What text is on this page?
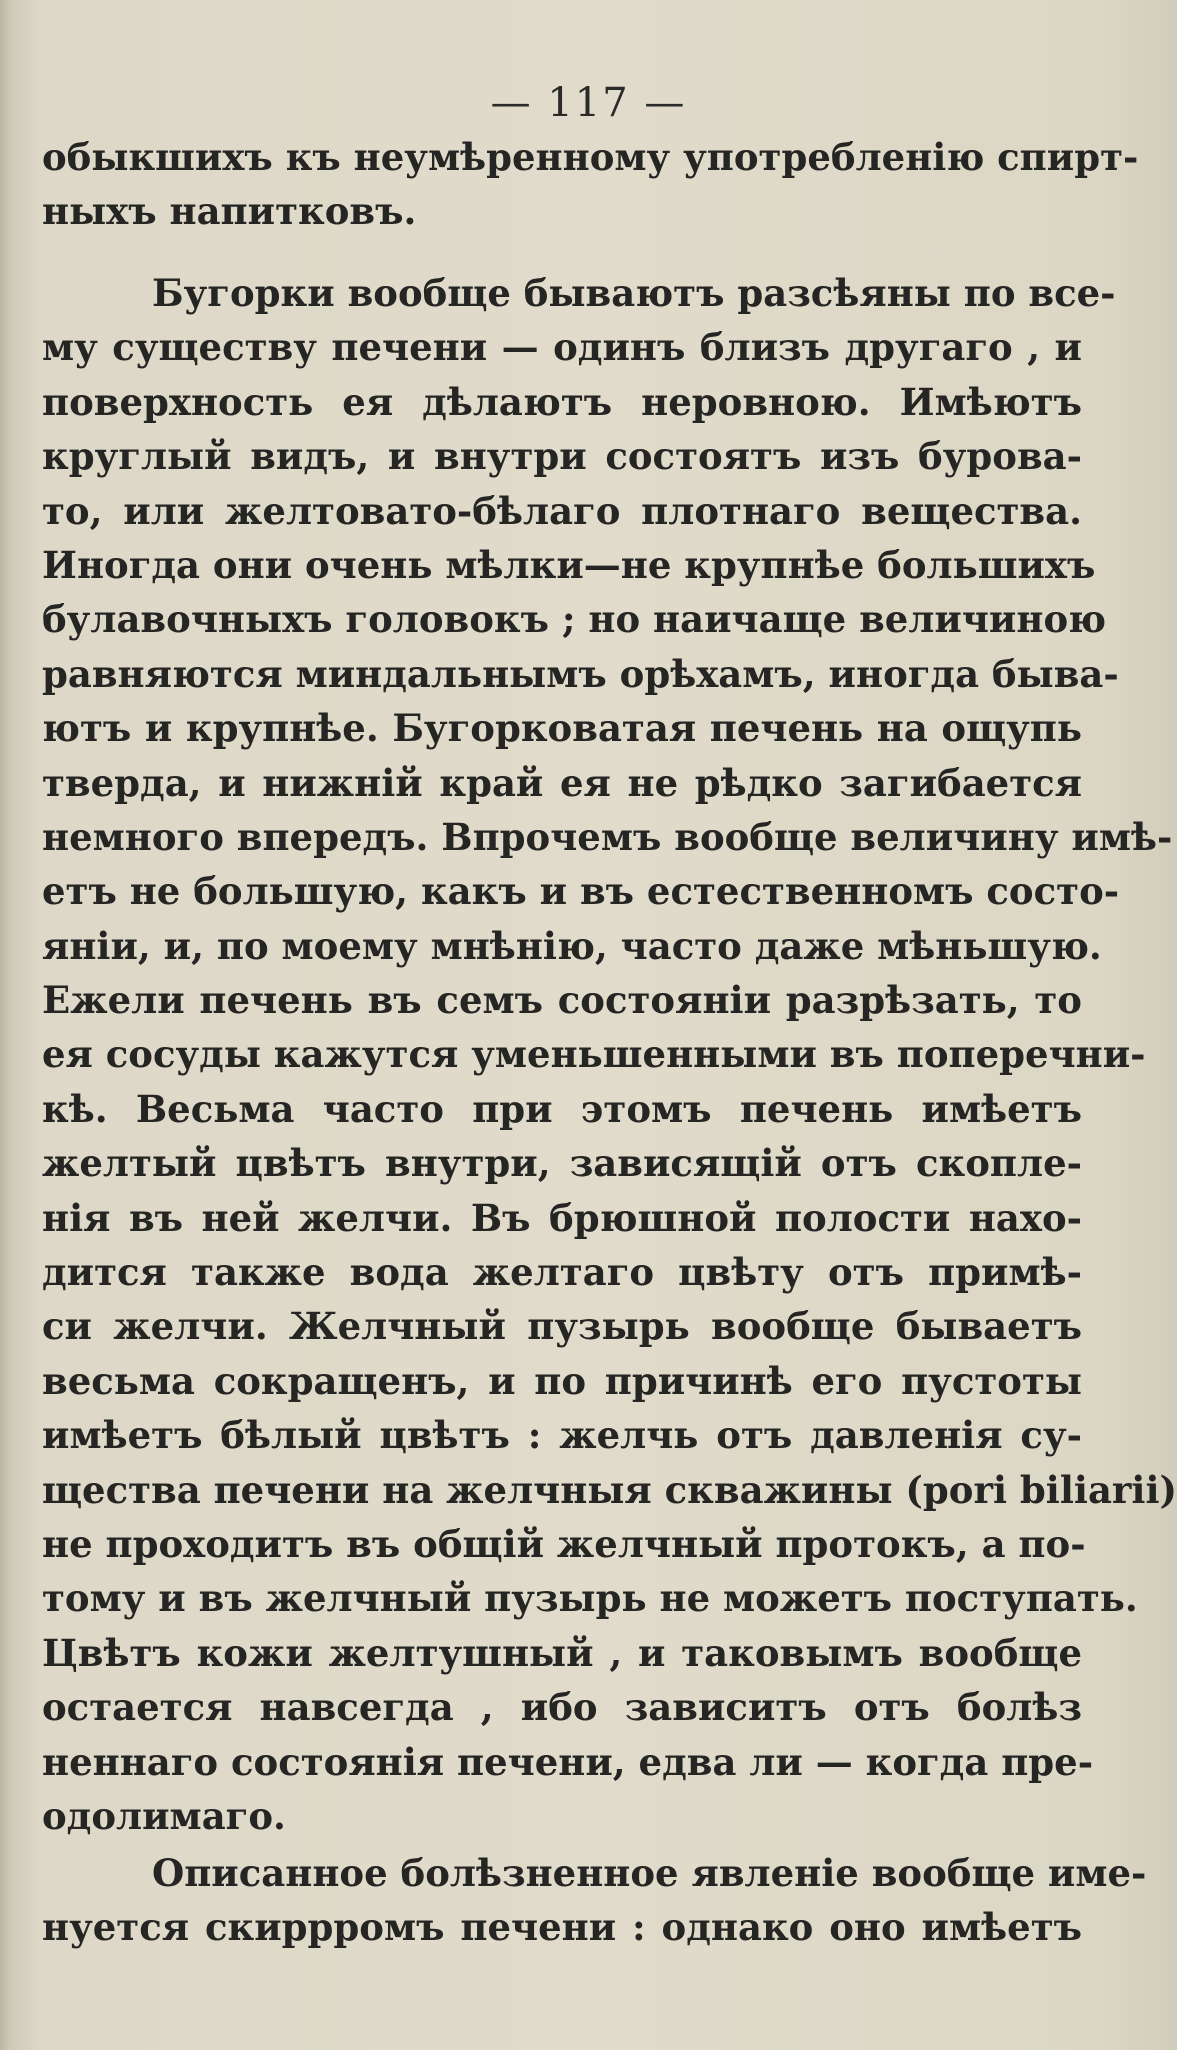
— 117 —
обыкшихъ къ неумѣренному употребленію спирт-
ныхъ напитковъ.
Бугорки вообще бываютъ разсѣяны по все-
му существу печени — одинъ близъ другаго , и
поверхность ея дѣлаютъ неровною. Имѣютъ
круглый видъ, и внутри состоятъ изъ бурова-
то, или желтовато-бѣлаго плотнаго вещества.
Иногда они очень мѣлки—не крупнѣе большихъ
булавочныхъ головокъ ; но наичаще величиною
равняются миндальнымъ орѣхамъ, иногда быва-
ютъ и крупнѣе. Бугорковатая печень на ощупь
тверда, и нижній край ея не рѣдко загибается
немного впередъ. Впрочемъ вообще величину имѣ-
етъ не большую, какъ и въ естественномъ состо-
яніи, и, по моему мнѣнію, часто даже мѣньшую.
Ежели печень въ семъ состояніи разрѣзать, то
ея сосуды кажутся уменьшенными въ поперечни-
кѣ. Весьма часто при этомъ печень имѣетъ
желтый цвѣтъ внутри, зависящій отъ скопле-
нія въ ней желчи. Въ брюшной полости нахо-
дится также вода желтаго цвѣту отъ примѣ-
си желчи. Желчный пузырь вообще бываетъ
весьма сокращенъ, и по причинѣ его пустоты
имѣетъ бѣлый цвѣтъ : желчь отъ давленія су-
щества печени на желчныя скважины (pori biliarii)
не проходитъ въ общій желчный протокъ, а по-
тому и въ желчный пузырь не можетъ поступать.
Цвѣтъ кожи желтушный , и таковымъ вообще
остается навсегда , ибо зависитъ отъ болѣз
неннаго состоянія печени, едва ли — когда пре-
одолимаго.
Описанное болѣзненное явленіе вообще име-
нуется скиррромъ печени : однако оно имѣетъ
